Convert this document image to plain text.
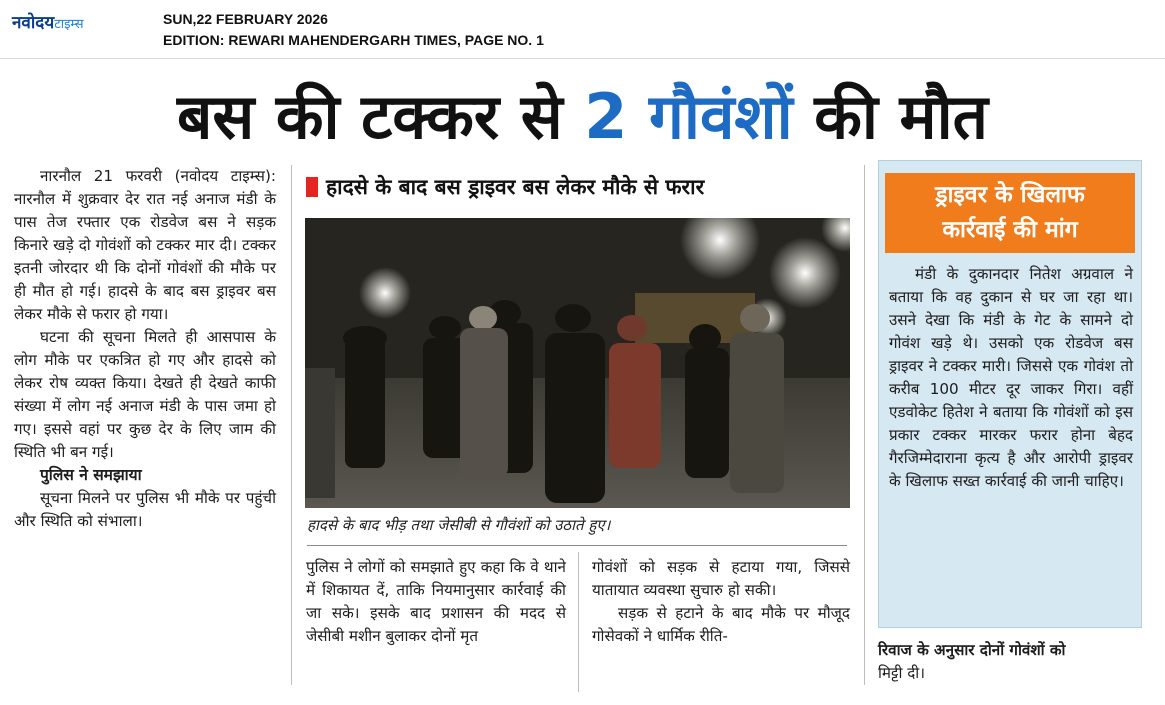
नवोदयटाइम्स	SUN,22 FEBRUARY 2026
EDITION: REWARI MAHENDERGARH TIMES, PAGE NO. 1
बस की टक्कर से 2 गौवंशों की मौत

नारनौल 21 फरवरी (नवोदय टाइम्स): नारनौल में शुक्रवार देर रात नई अनाज मंडी के पास तेज रफ्तार एक रोडवेज बस ने सड़क किनारे खड़े दो गोवंशों को टक्कर मार दी। टक्कर इतनी जोरदार थी कि दोनों गोवंशों की मौके पर ही मौत हो गई। हादसे के बाद बस ड्राइवर बस लेकर मौके से फरार हो गया।

घटना की सूचना मिलते ही आसपास के लोग मौके पर एकत्रित हो गए और हादसे को लेकर रोष व्यक्त किया। देखते ही देखते काफी संख्या में लोग नई अनाज मंडी के पास जमा हो गए। इससे वहां पर कुछ देर के लिए जाम की स्थिति भी बन गई।

पुलिस ने समझाया

सूचना मिलने पर पुलिस भी मौके पर पहुंची और स्थिति को संभाला।

हादसे के बाद बस ड्राइवर बस लेकर मौके से फरार
हादसे के बाद भीड़ तथा जेसीबी से गौवंशों को उठाते हुए।

पुलिस ने लोगों को समझाते हुए कहा कि वे थाने में शिकायत दें, ताकि नियमानुसार कार्रवाई की जा सके। इसके बाद प्रशासन की मदद से जेसीबी मशीन बुलाकर दोनों मृत

गोवंशों को सड़क से हटाया गया, जिससे यातायात व्यवस्था सुचारु हो सकी।

सड़क से हटाने के बाद मौके पर मौजूद गोसेवकों ने धार्मिक रीति-

ड्राइवर के खिलाफ
कार्रवाई की मांग

मंडी के दुकानदार नितेश अग्रवाल ने बताया कि वह दुकान से घर जा रहा था। उसने देखा कि मंडी के गेट के सामने दो गोवंश खड़े थे। उसको एक रोडवेज बस ड्राइवर ने टक्कर मारी। जिससे एक गोवंश तो करीब 100 मीटर दूर जाकर गिरा। वहीं एडवोकेट हितेश ने बताया कि गोवंशों को इस प्रकार टक्कर मारकर फरार होना बेहद गैरजिम्मेदाराना कृत्य है और आरोपी ड्राइवर के खिलाफ सख्त कार्रवाई की जानी चाहिए।

रिवाज के अनुसार दोनों गोवंशों को
मिट्टी दी।
